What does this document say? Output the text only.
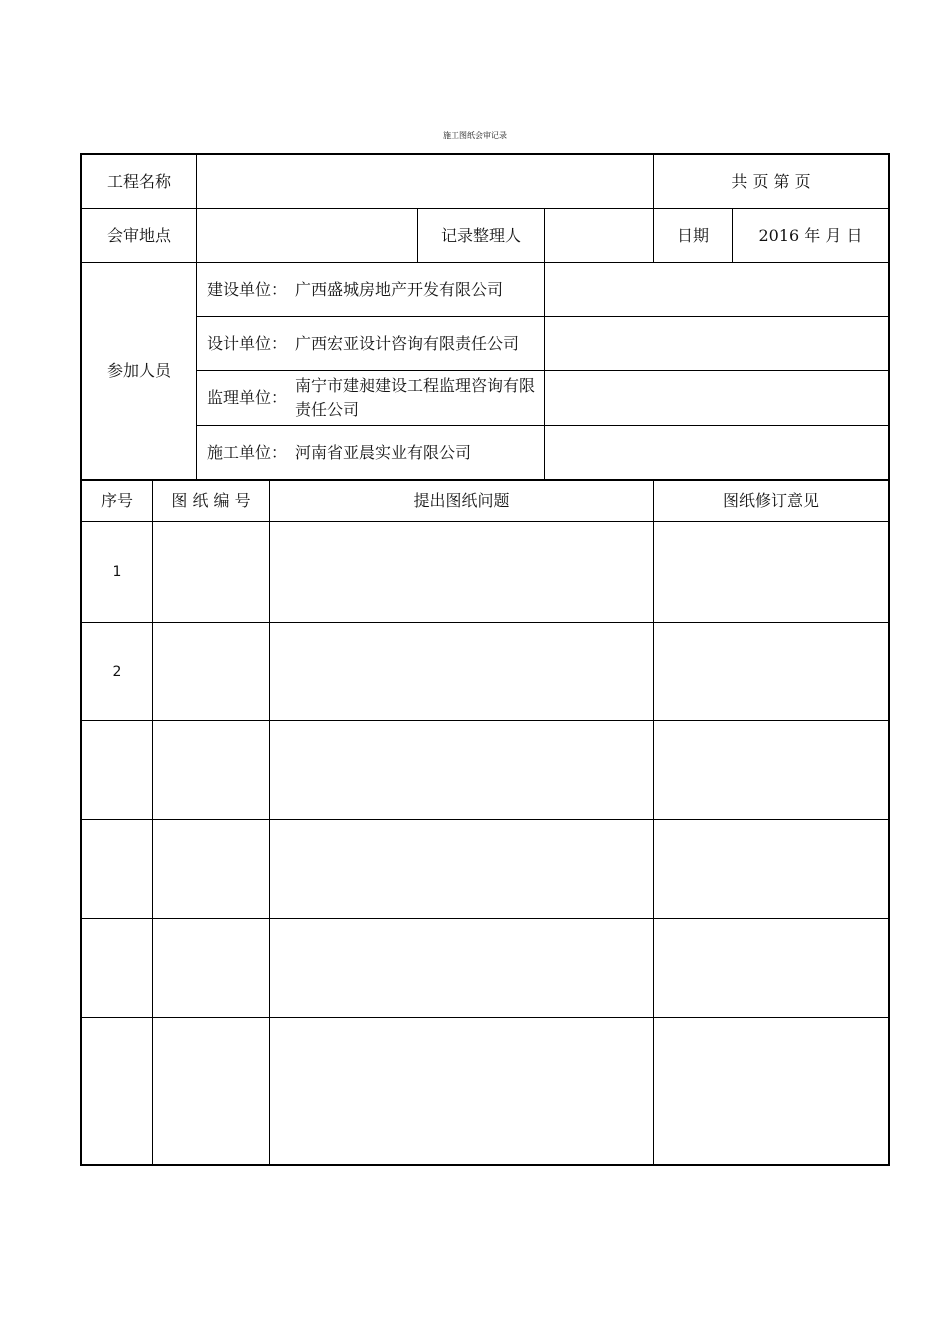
施工图纸会审记录
工程名称	共 页 第 页
会审地点	记录整理人	日期	2016 年 月 日
参加人员
建设单位： 广西盛城房地产开发有限公司
设计单位： 广西宏亚设计咨询有限责任公司
监理单位：
南宁市建昶建设工程监理咨询有限责任公司
施工单位： 河南省亚晨实业有限公司
序号	图 纸 编 号	提出图纸问题	图纸修订意见
1
2
